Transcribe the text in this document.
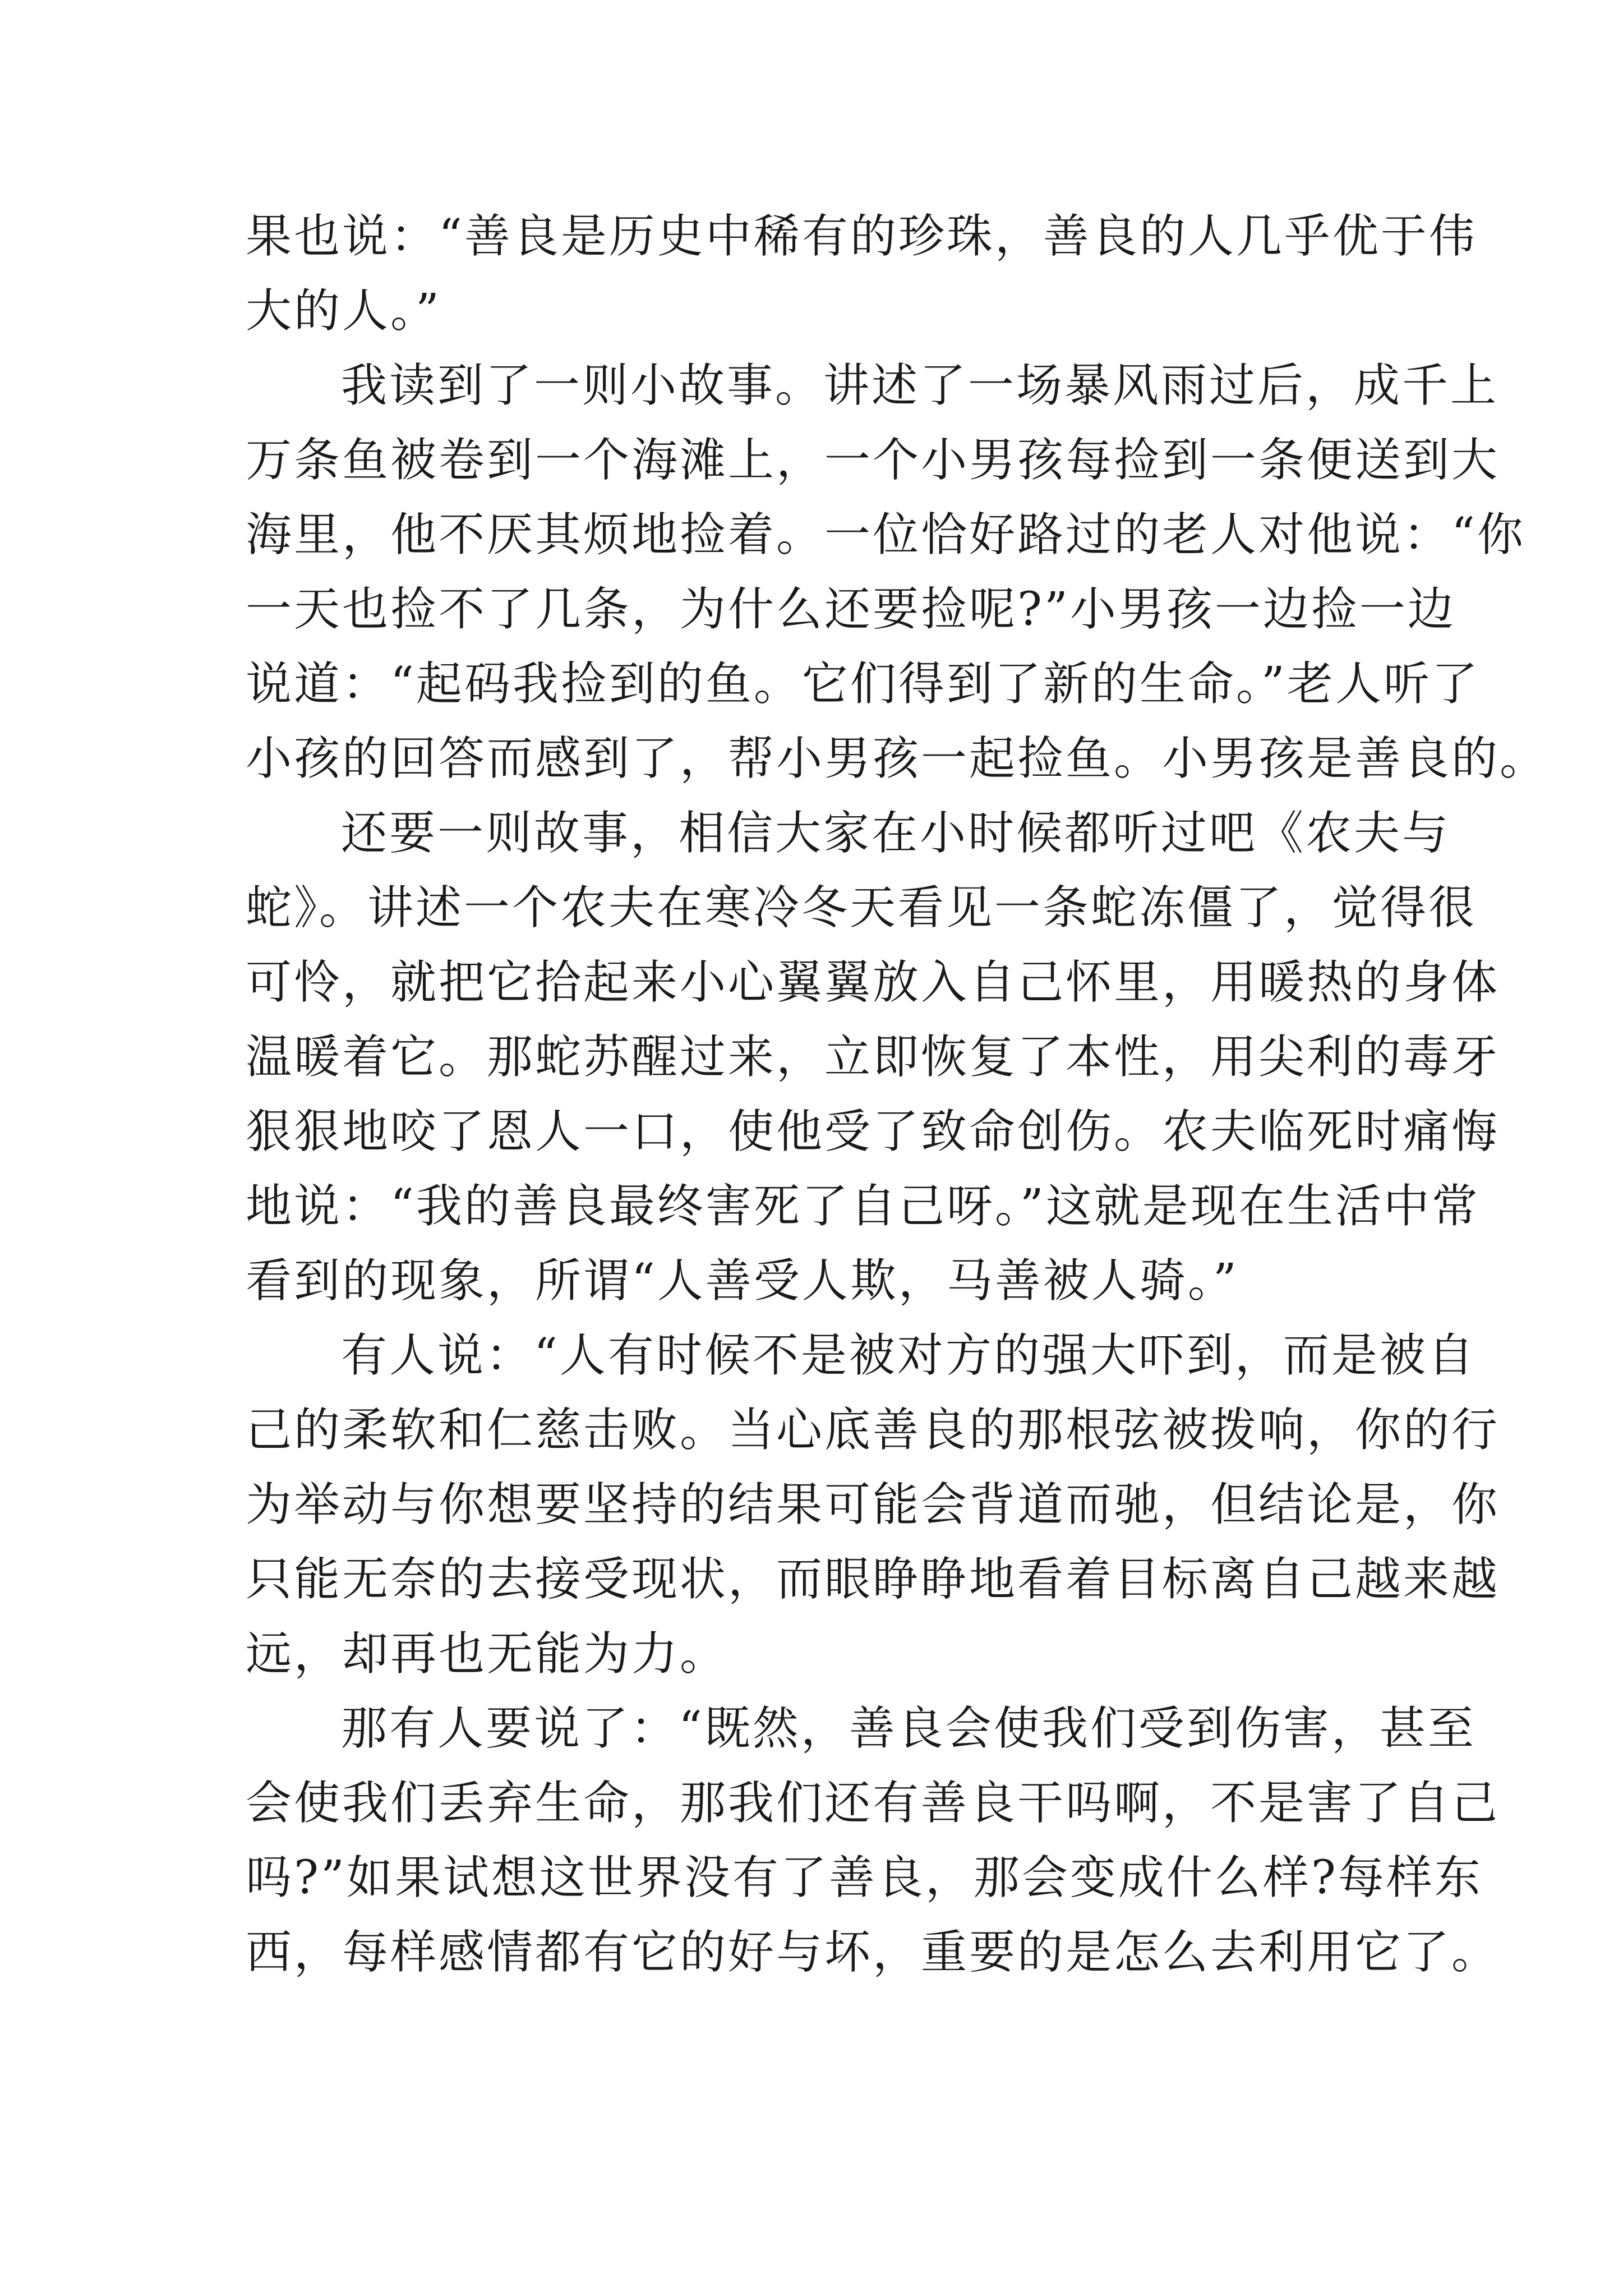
果也说：“善良是历史中稀有的珍珠，善良的人几乎优于伟
大的人。”
我读到了一则小故事。讲述了一场暴风雨过后，成千上
万条鱼被卷到一个海滩上，一个小男孩每捡到一条便送到大
海里，他不厌其烦地捡着。一位恰好路过的老人对他说：“你
一天也捡不了几条，为什么还要捡呢?”小男孩一边捡一边
说道：“起码我捡到的鱼。它们得到了新的生命。”老人听了
小孩的回答而感到了，帮小男孩一起捡鱼。小男孩是善良的。
还要一则故事，相信大家在小时候都听过吧《农夫与
蛇》。讲述一个农夫在寒冷冬天看见一条蛇冻僵了，觉得很
可怜，就把它拾起来小心翼翼放入自己怀里，用暖热的身体
温暖着它。那蛇苏醒过来，立即恢复了本性，用尖利的毒牙
狠狠地咬了恩人一口，使他受了致命创伤。农夫临死时痛悔
地说：“我的善良最终害死了自己呀。”这就是现在生活中常
看到的现象，所谓“人善受人欺，马善被人骑。”
有人说：“人有时候不是被对方的强大吓到，而是被自
己的柔软和仁慈击败。当心底善良的那根弦被拨响，你的行
为举动与你想要坚持的结果可能会背道而驰，但结论是，你
只能无奈的去接受现状，而眼睁睁地看着目标离自己越来越
远，却再也无能为力。
那有人要说了：“既然，善良会使我们受到伤害，甚至
会使我们丢弃生命，那我们还有善良干吗啊，不是害了自己
吗?”如果试想这世界没有了善良，那会变成什么样?每样东
西，每样感情都有它的好与坏，重要的是怎么去利用它了。
